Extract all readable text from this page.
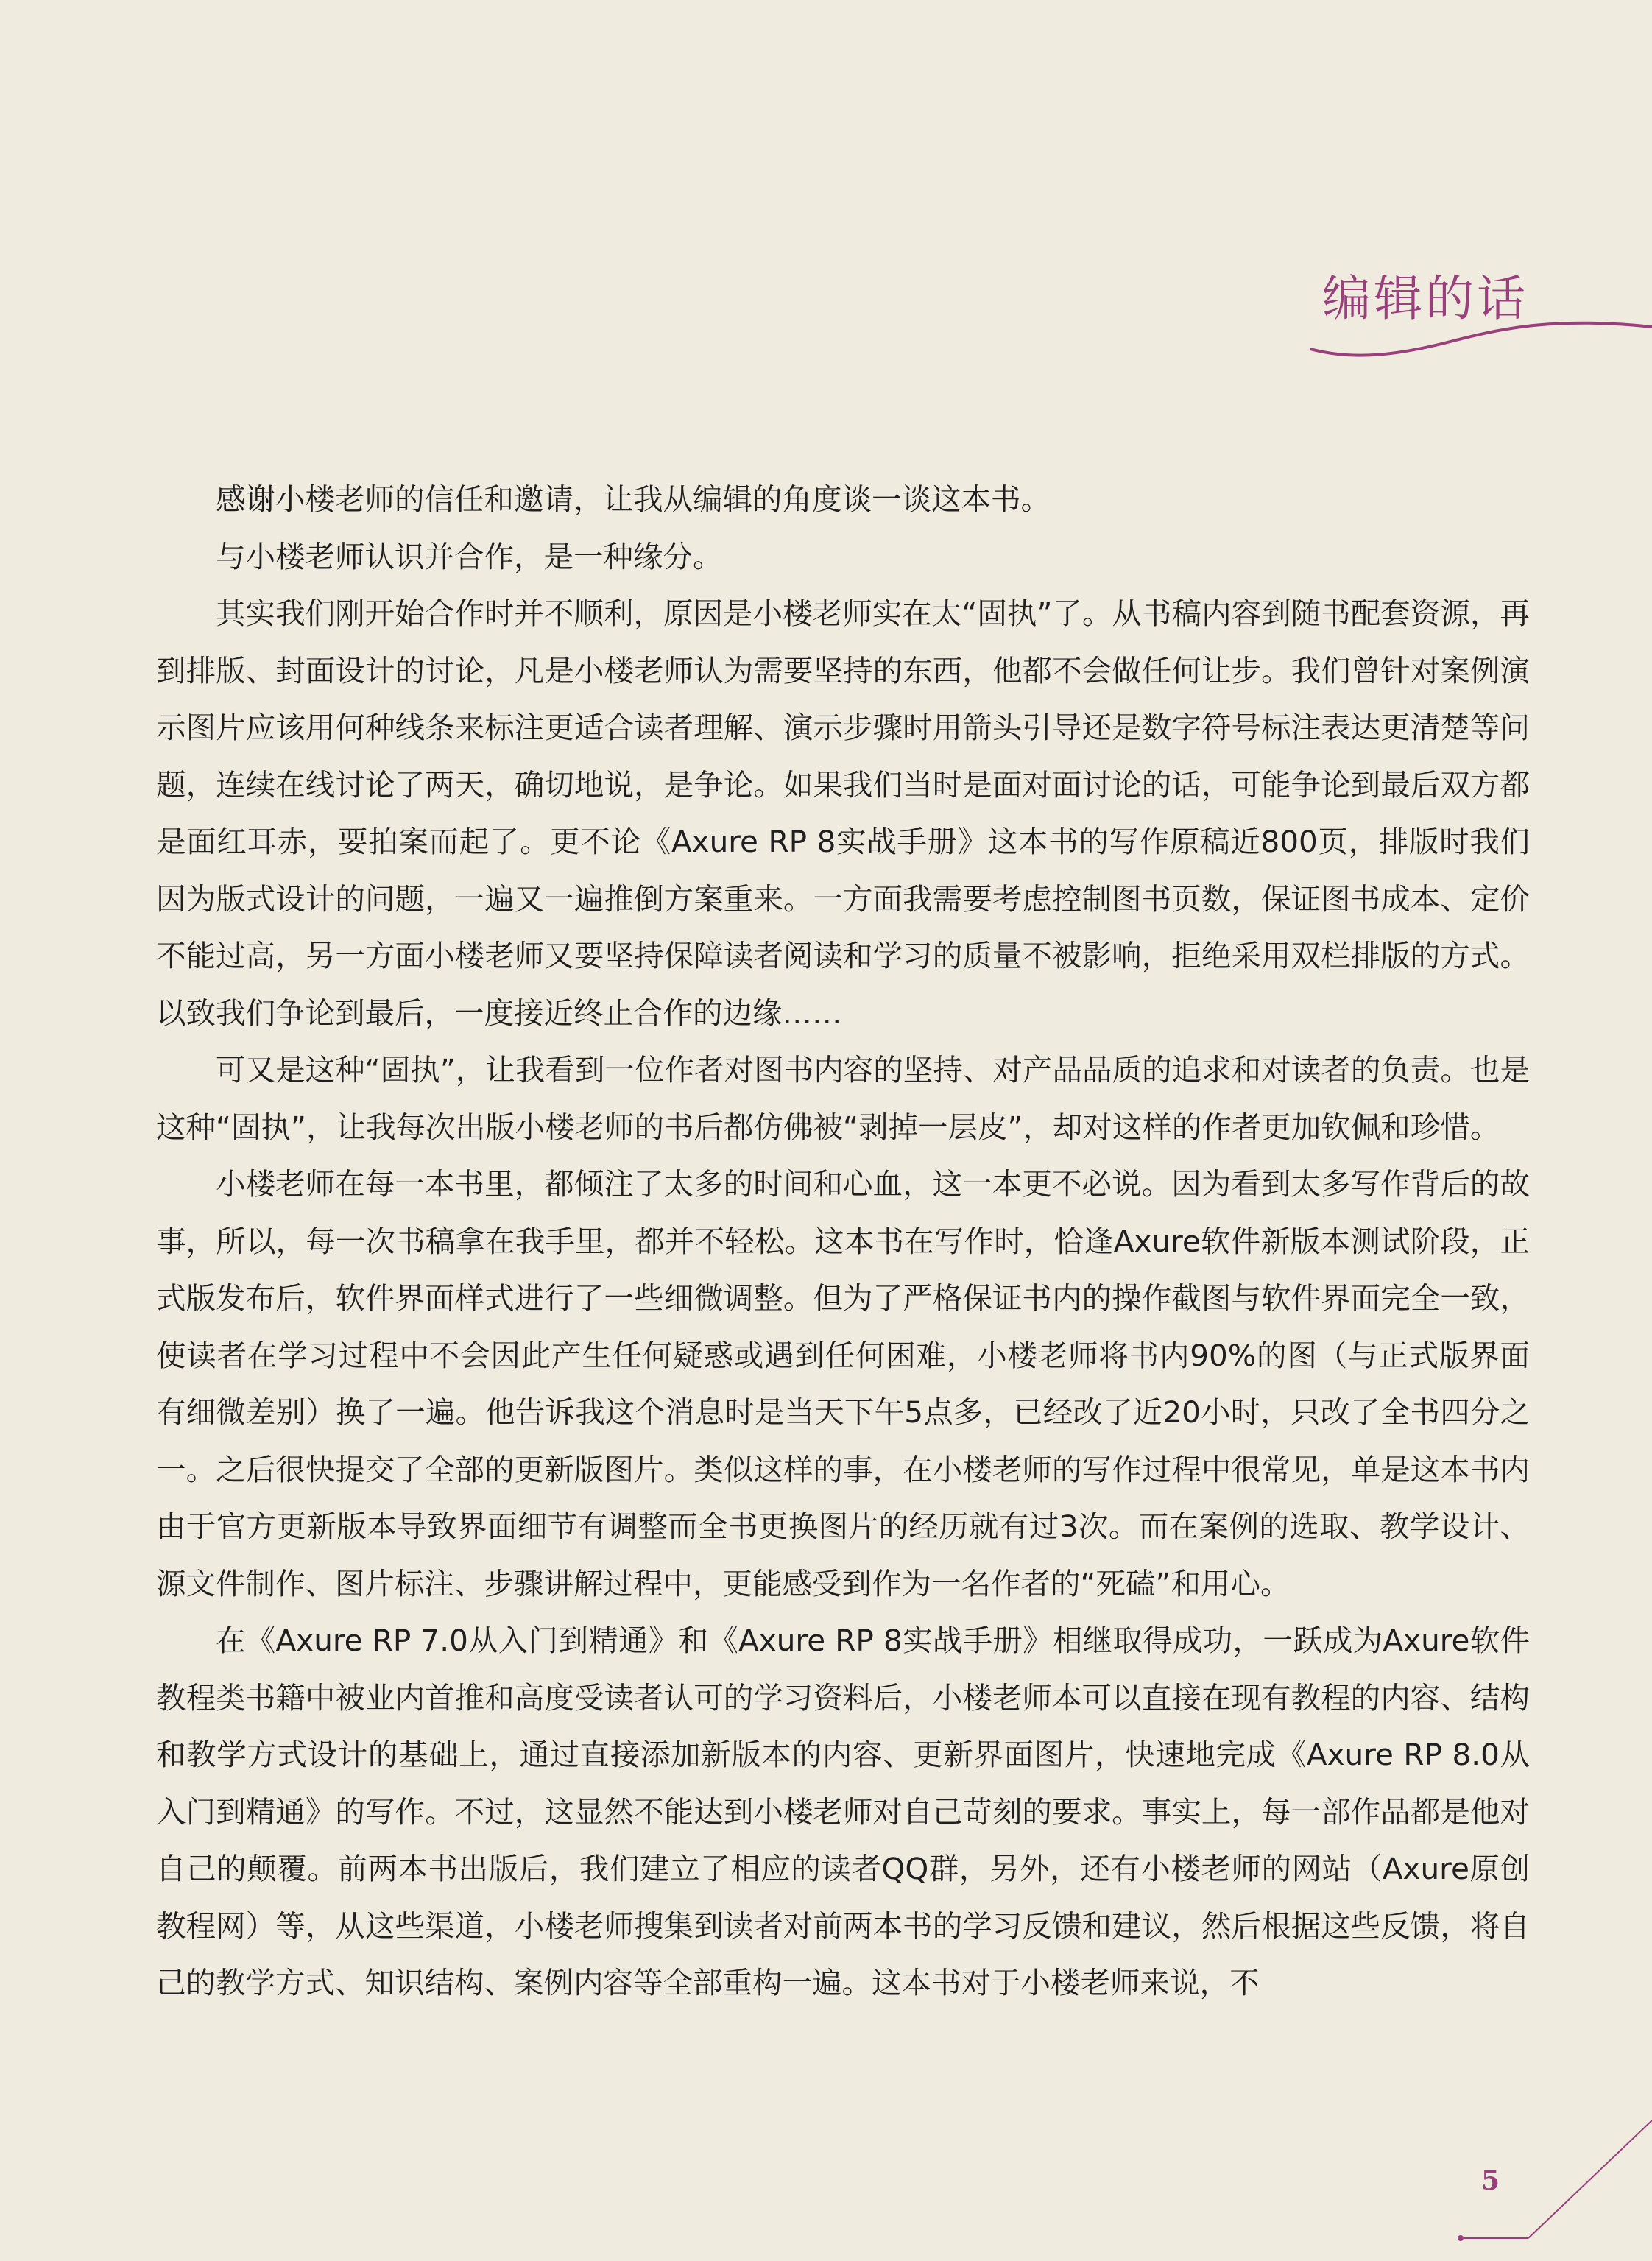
编辑的话

感谢小楼老师的信任和邀请，让我从编辑的角度谈一谈这本书。

与小楼老师认识并合作，是一种缘分。

其实我们刚开始合作时并不顺利，原因是小楼老师实在太“固执”了。从书稿内容到随书配套资源，再到排版、封面设计的讨论，凡是小楼老师认为需要坚持的东西，他都不会做任何让步。我们曾针对案例演示图片应该用何种线条来标注更适合读者理解、演示步骤时用箭头引导还是数字符号标注表达更清楚等问题，连续在线讨论了两天，确切地说，是争论。如果我们当时是面对面讨论的话，可能争论到最后双方都是面红耳赤，要拍案而起了。更不论《Axure RP 8实战手册》这本书的写作原稿近800页，排版时我们因为版式设计的问题，一遍又一遍推倒方案重来。一方面我需要考虑控制图书页数，保证图书成本、定价不能过高，另一方面小楼老师又要坚持保障读者阅读和学习的质量不被影响，拒绝采用双栏排版的方式。以致我们争论到最后，一度接近终止合作的边缘……

可又是这种“固执”，让我看到一位作者对图书内容的坚持、对产品品质的追求和对读者的负责。也是这种“固执”，让我每次出版小楼老师的书后都仿佛被“剥掉一层皮”，却对这样的作者更加钦佩和珍惜。

小楼老师在每一本书里，都倾注了太多的时间和心血，这一本更不必说。因为看到太多写作背后的故事，所以，每一次书稿拿在我手里，都并不轻松。这本书在写作时，恰逢Axure软件新版本测试阶段，正式版发布后，软件界面样式进行了一些细微调整。但为了严格保证书内的操作截图与软件界面完全一致，使读者在学习过程中不会因此产生任何疑惑或遇到任何困难，小楼老师将书内90%的图（与正式版界面有细微差别）换了一遍。他告诉我这个消息时是当天下午5点多，已经改了近20小时，只改了全书四分之一。之后很快提交了全部的更新版图片。类似这样的事，在小楼老师的写作过程中很常见，单是这本书内由于官方更新版本导致界面细节有调整而全书更换图片的经历就有过3次。而在案例的选取、教学设计、源文件制作、图片标注、步骤讲解过程中，更能感受到作为一名作者的“死磕”和用心。

在《Axure RP 7.0从入门到精通》和《Axure RP 8实战手册》相继取得成功，一跃成为Axure软件教程类书籍中被业内首推和高度受读者认可的学习资料后，小楼老师本可以直接在现有教程的内容、结构和教学方式设计的基础上，通过直接添加新版本的内容、更新界面图片，快速地完成《Axure RP 8.0从入门到精通》的写作。不过，这显然不能达到小楼老师对自己苛刻的要求。事实上，每一部作品都是他对自己的颠覆。前两本书出版后，我们建立了相应的读者QQ群，另外，还有小楼老师的网站（Axure原创教程网）等，从这些渠道，小楼老师搜集到读者对前两本书的学习反馈和建议，然后根据这些反馈，将自己的教学方式、知识结构、案例内容等全部重构一遍。这本书对于小楼老师来说，不

5
